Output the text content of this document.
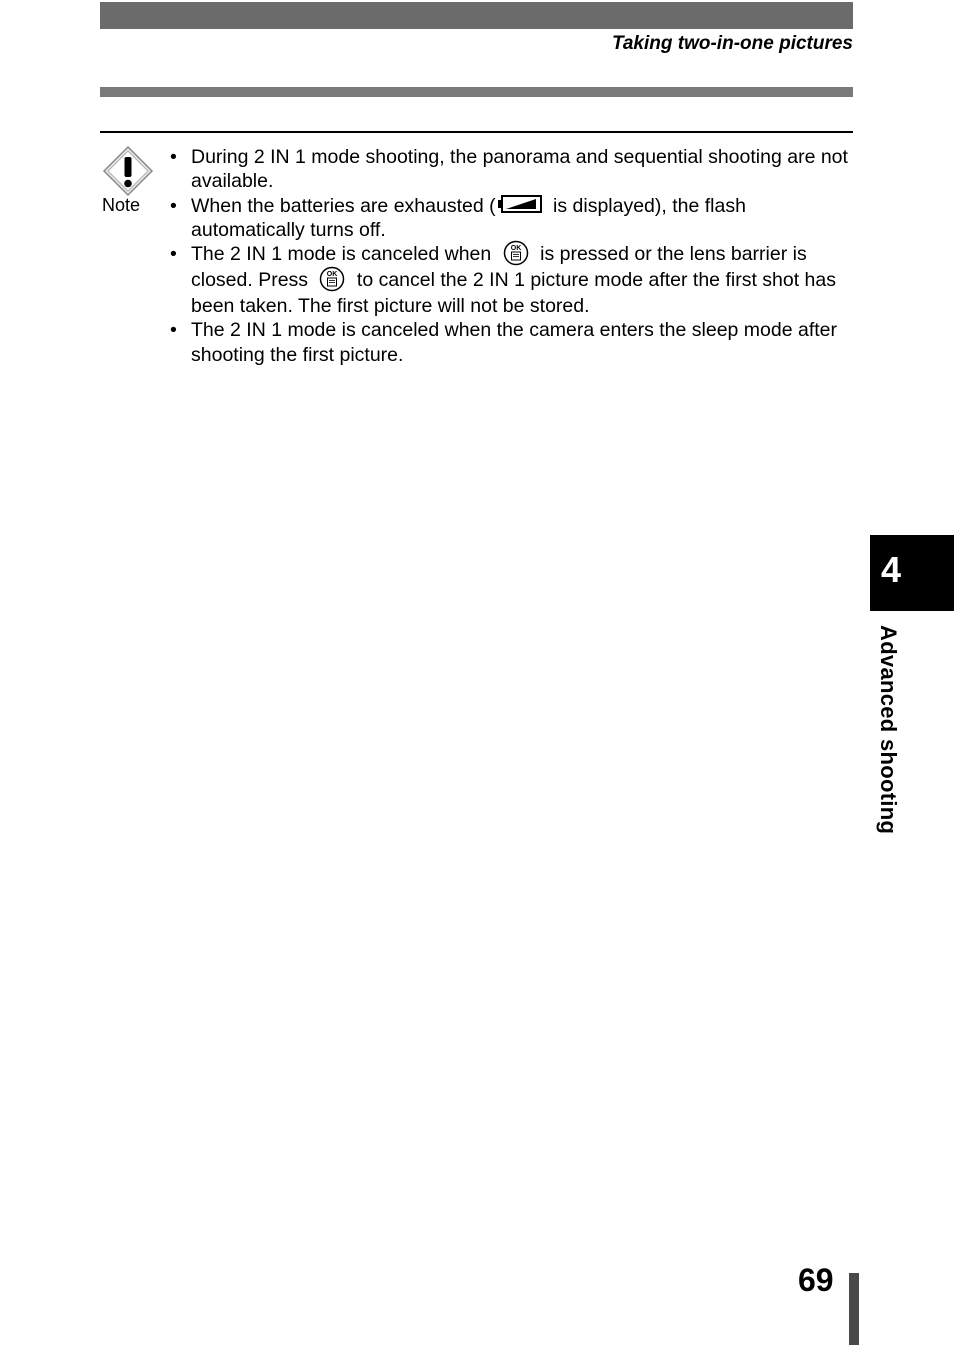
Taking two-in-one pictures
Note
• During 2 IN 1 mode shooting, the panorama and sequential shooting are not available.
• When the batteries are exhausted (	is displayed), the flash automatically turns off.
• The 2 IN 1 mode is canceled when	OK is pressed or the lens barrier is closed. Press	OK to cancel the 2 IN 1 picture mode after the first shot has been taken. The first picture will not be stored.
• The 2 IN 1 mode is canceled when the camera enters the sleep mode after shooting the first picture.
4
Advanced shooting
69
